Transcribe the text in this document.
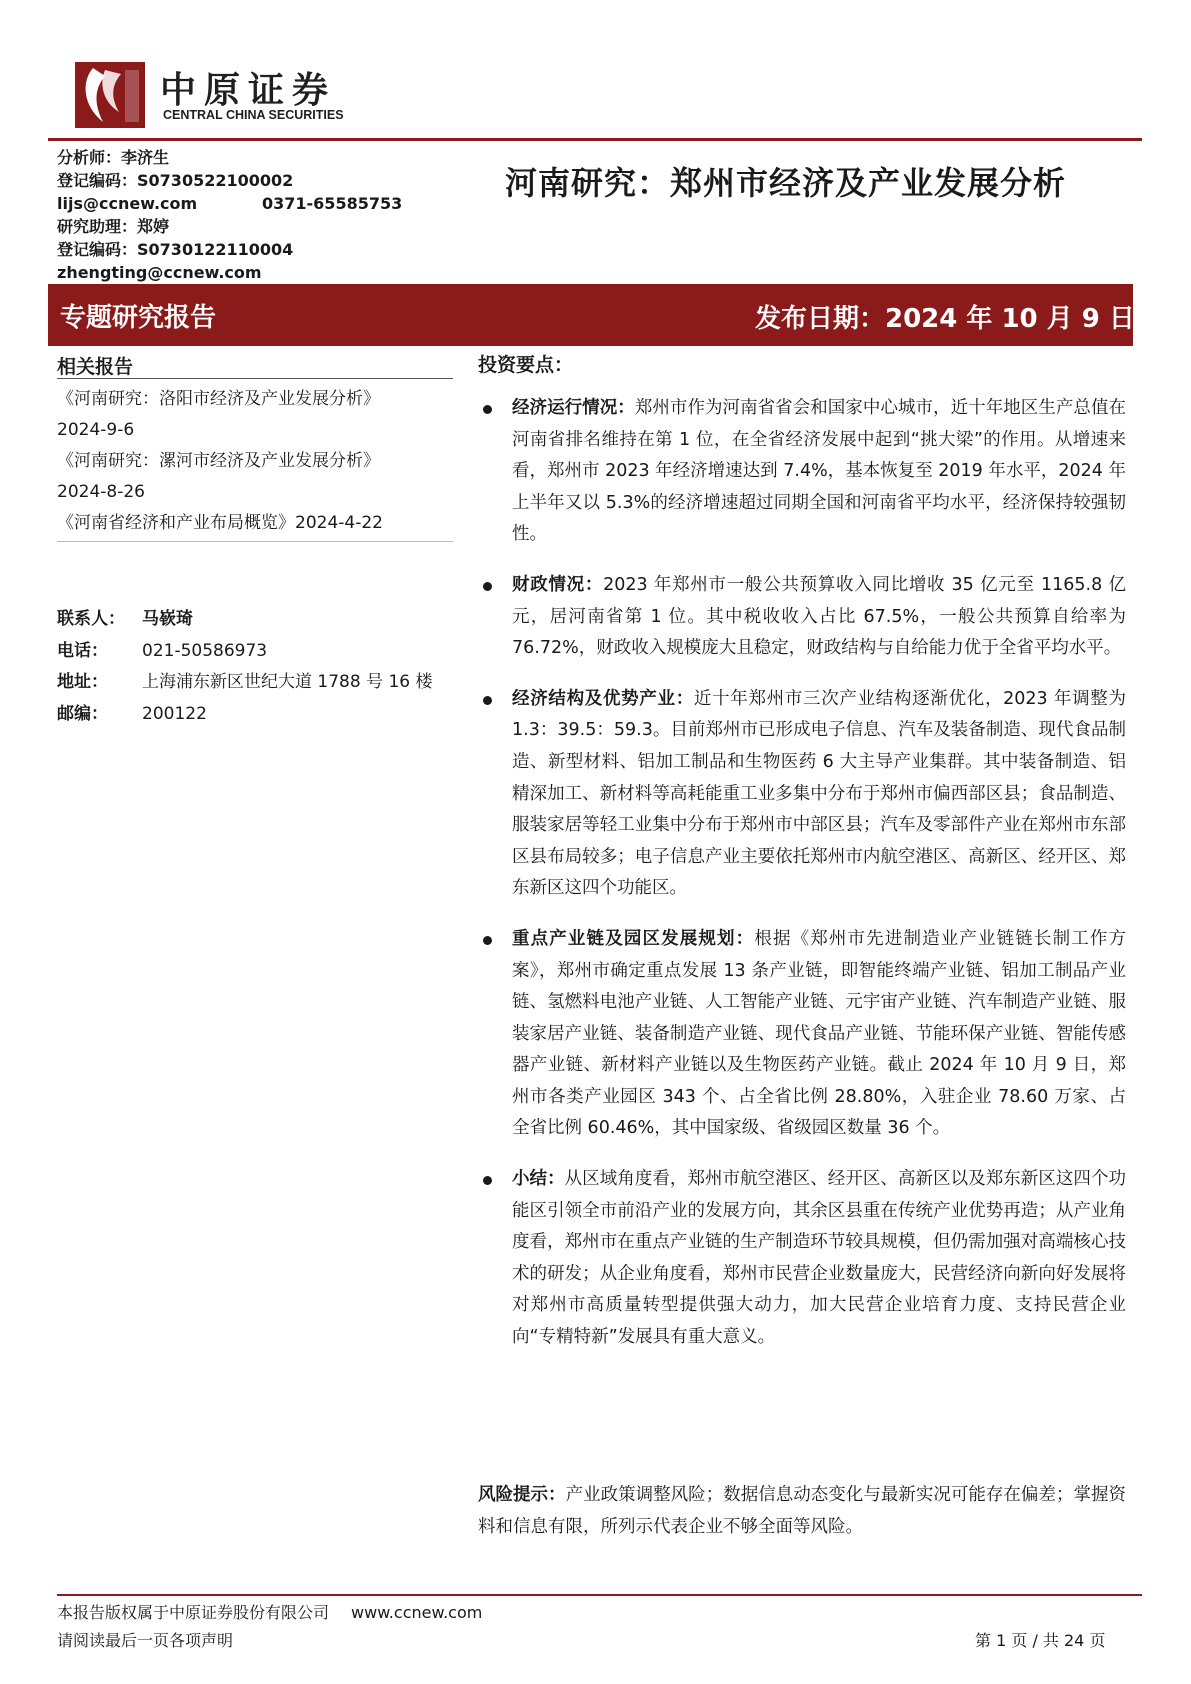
中原证券
CENTRAL CHINA SECURITIES
分析师：李济生
登记编码：S0730522100002
lijs@ccnew.com	0371-65585753
研究助理：郑婷
登记编码：S0730122110004
zhengting@ccnew.com
河南研究：郑州市经济及产业发展分析
专题研究报告	发布日期：2024 年 10 月 9 日
相关报告
《河南研究：洛阳市经济及产业发展分析》
2024-9-6
《河南研究：漯河市经济及产业发展分析》
2024-8-26
《河南省经济和产业布局概览》2024-4-22
联系人： 马嵚琦
电话： 021-50586973
地址： 上海浦东新区世纪大道 1788 号 16 楼
邮编： 200122
投资要点：
经济运行情况：郑州市作为河南省省会和国家中心城市，近十年地区生产总值在河南省排名维持在第 1 位，在全省经济发展中起到“挑大梁”的作用。从增速来看，郑州市 2023 年经济增速达到 7.4%，基本恢复至 2019 年水平，2024 年上半年又以 5.3%的经济增速超过同期全国和河南省平均水平，经济保持较强韧性。
财政情况：2023 年郑州市一般公共预算收入同比增收 35 亿元至 1165.8 亿元，居河南省第 1 位。其中税收收入占比 67.5%，一般公共预算自给率为 76.72%，财政收入规模庞大且稳定，财政结构与自给能力优于全省平均水平。
经济结构及优势产业：近十年郑州市三次产业结构逐渐优化，2023 年调整为 1.3：39.5：59.3。目前郑州市已形成电子信息、汽车及装备制造、现代食品制造、新型材料、铝加工制品和生物医药 6 大主导产业集群。其中装备制造、铝精深加工、新材料等高耗能重工业多集中分布于郑州市偏西部区县；食品制造、服装家居等轻工业集中分布于郑州市中部区县；汽车及零部件产业在郑州市东部区县布局较多；电子信息产业主要依托郑州市内航空港区、高新区、经开区、郑东新区这四个功能区。
重点产业链及园区发展规划：根据《郑州市先进制造业产业链链长制工作方案》，郑州市确定重点发展 13 条产业链，即智能终端产业链、铝加工制品产业链、氢燃料电池产业链、人工智能产业链、元宇宙产业链、汽车制造产业链、服装家居产业链、装备制造产业链、现代食品产业链、节能环保产业链、智能传感器产业链、新材料产业链以及生物医药产业链。截止 2024 年 10 月 9 日，郑州市各类产业园区 343 个、占全省比例 28.80%，入驻企业 78.60 万家、占全省比例 60.46%，其中国家级、省级园区数量 36 个。
小结：从区域角度看，郑州市航空港区、经开区、高新区以及郑东新区这四个功能区引领全市前沿产业的发展方向，其余区县重在传统产业优势再造；从产业角度看，郑州市在重点产业链的生产制造环节较具规模，但仍需加强对高端核心技术的研发；从企业角度看，郑州市民营企业数量庞大，民营经济向新向好发展将对郑州市高质量转型提供强大动力，加大民营企业培育力度、支持民营企业向“专精特新”发展具有重大意义。
风险提示：产业政策调整风险；数据信息动态变化与最新实况可能存在偏差；掌握资料和信息有限，所列示代表企业不够全面等风险。
本报告版权属于中原证券股份有限公司 www.ccnew.com
请阅读最后一页各项声明	第 1 页 / 共 24 页
